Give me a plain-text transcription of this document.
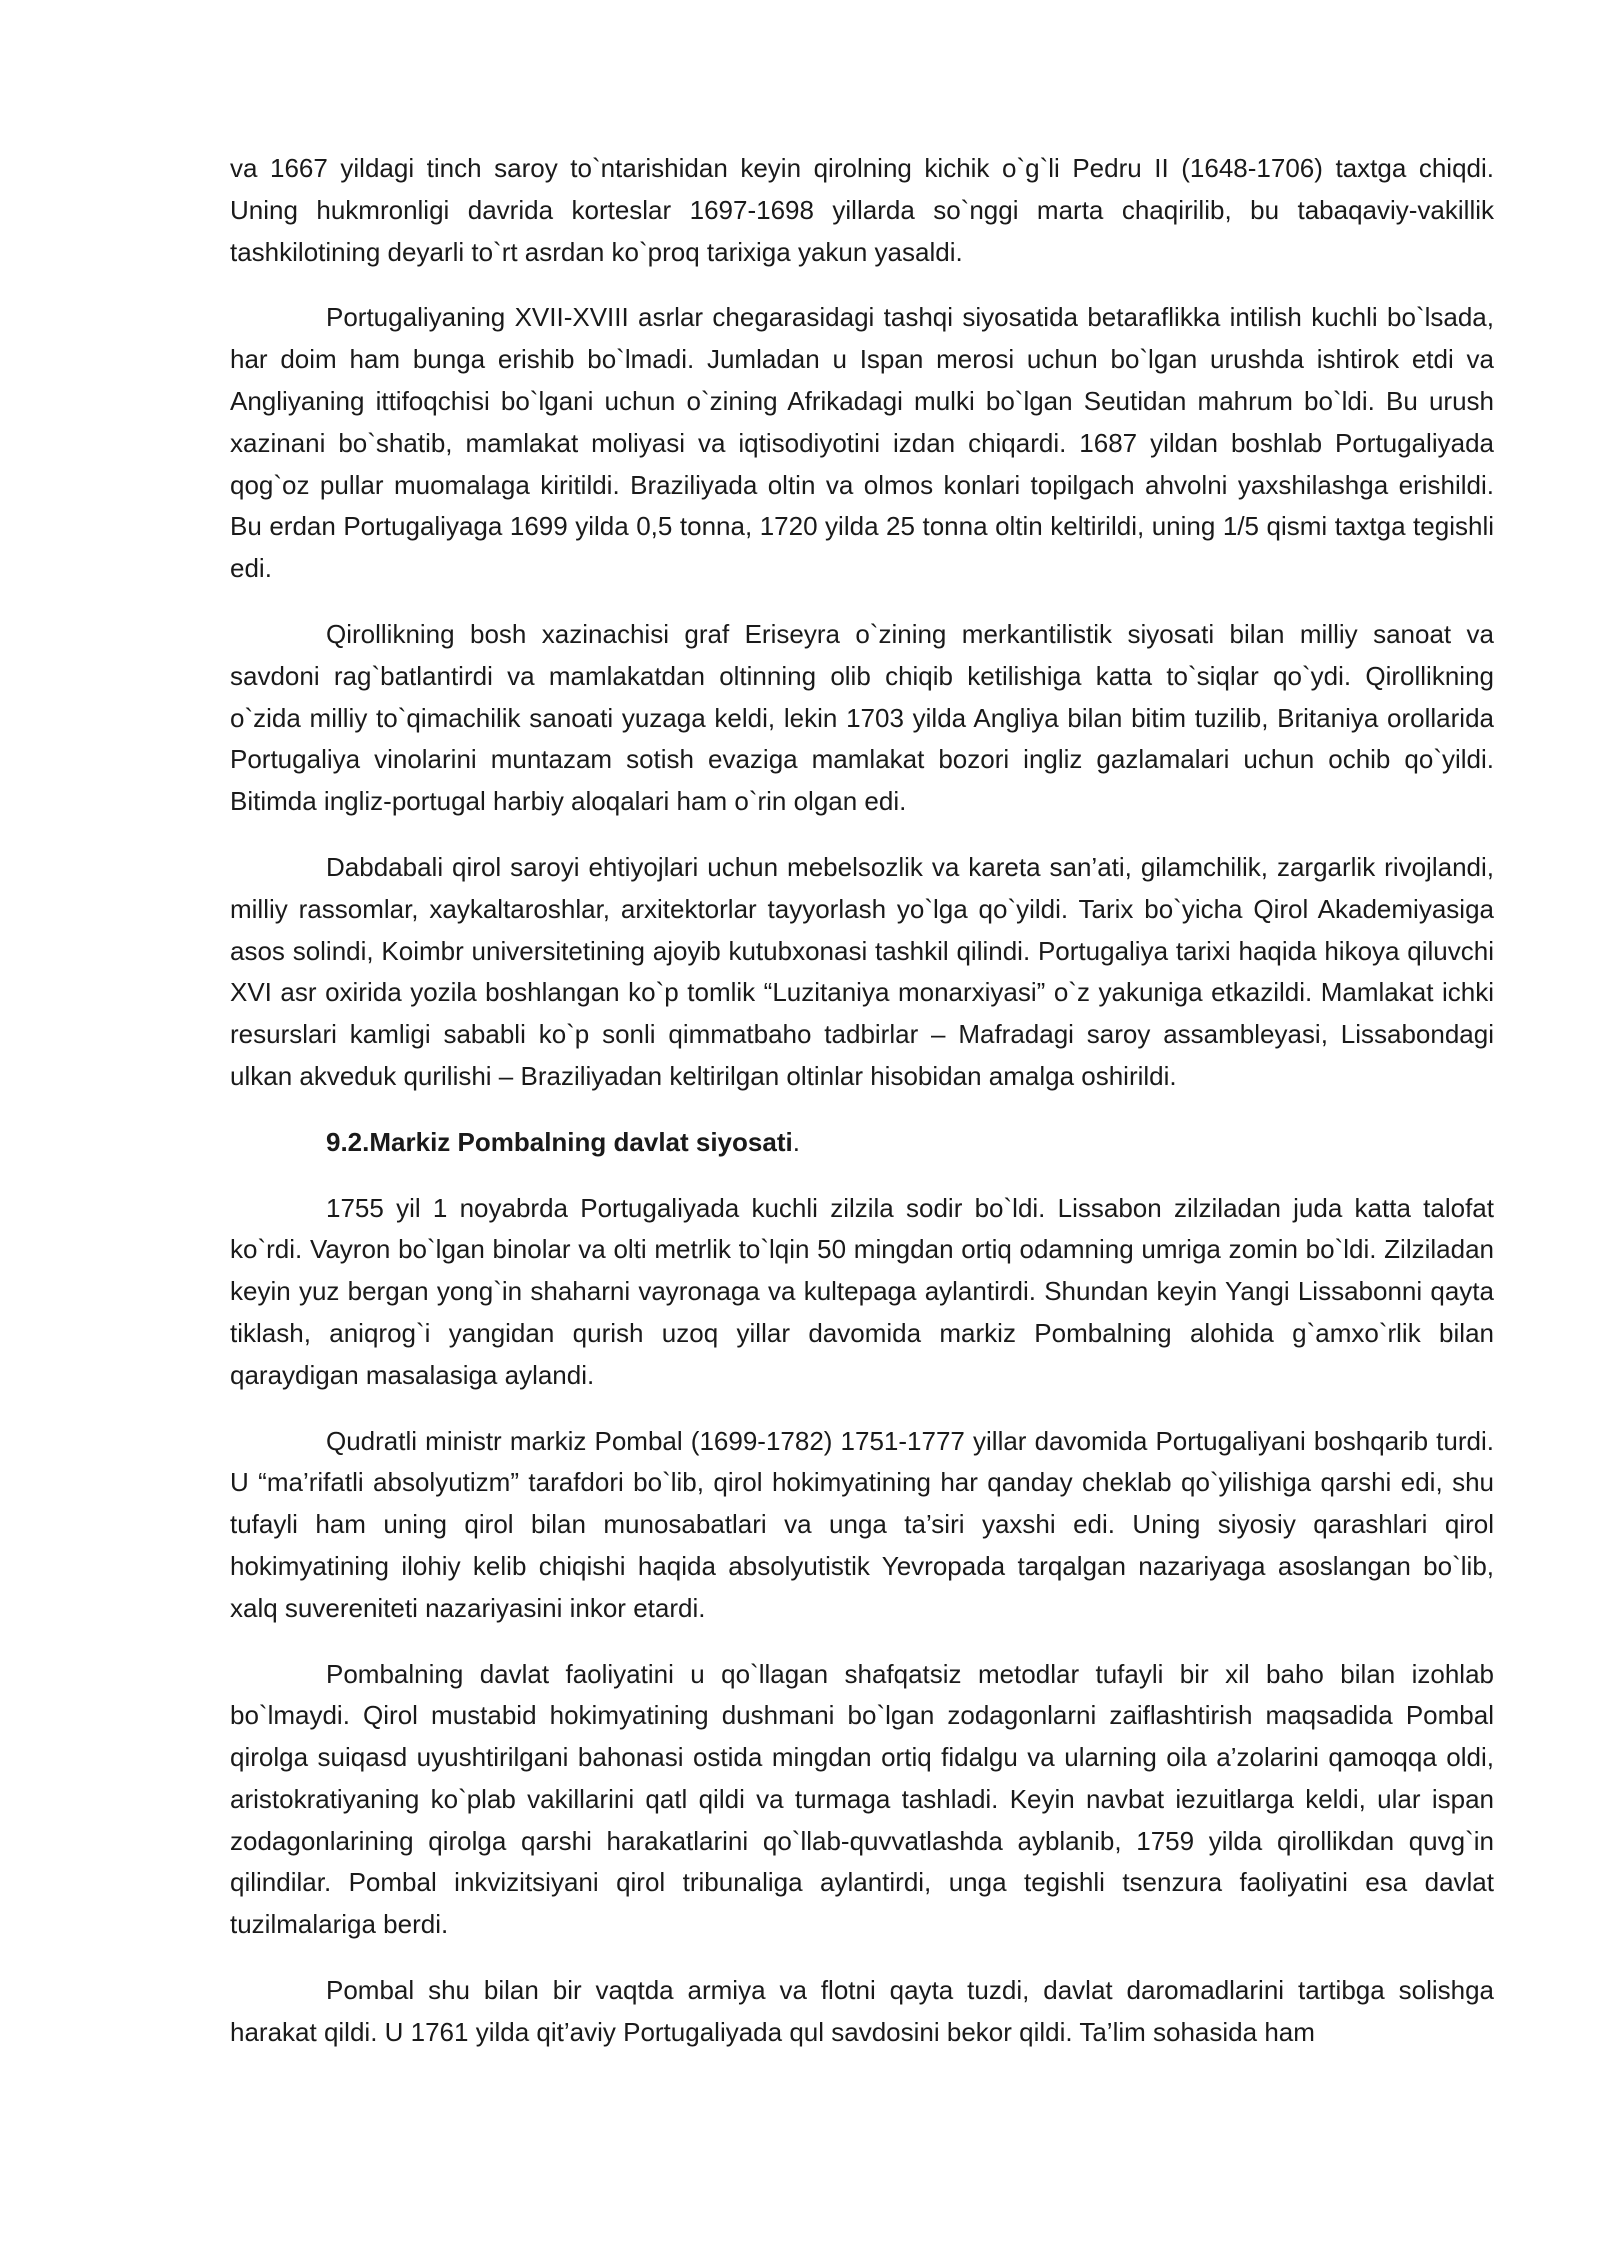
va 1667 yildagi tinch saroy to`ntarishidan keyin qirolning kichik o`g`li Pedru II (1648-1706) taxtga chiqdi. Uning hukmronligi davrida korteslar 1697-1698 yillarda so`nggi marta chaqirilib, bu tabaqaviy-vakillik tashkilotining deyarli to`rt asrdan ko`proq tarixiga yakun yasaldi.

Portugaliyaning XVII-XVIII asrlar chegarasidagi tashqi siyosatida betaraflikka intilish kuchli bo`lsada, har doim ham bunga erishib bo`lmadi. Jumladan u Ispan merosi uchun bo`lgan urushda ishtirok etdi va Angliyaning ittifoqchisi bo`lgani uchun o`zining Afrikadagi mulki bo`lgan Seutidan mahrum bo`ldi. Bu urush xazinani bo`shatib, mamlakat moliyasi va iqtisodiyotini izdan chiqardi. 1687 yildan boshlab Portugaliyada qog`oz pullar muomalaga kiritildi. Braziliyada oltin va olmos konlari topilgach ahvolni yaxshilashga erishildi. Bu erdan Portugaliyaga 1699 yilda 0,5 tonna, 1720 yilda 25 tonna oltin keltirildi, uning 1/5 qismi taxtga tegishli edi.

Qirollikning bosh xazinachisi graf Eriseyra o`zining merkantilistik siyosati bilan milliy sanoat va savdoni rag`batlantirdi va mamlakatdan oltinning olib chiqib ketilishiga katta to`siqlar qo`ydi. Qirollikning o`zida milliy to`qimachilik sanoati yuzaga keldi, lekin 1703 yilda Angliya bilan bitim tuzilib, Britaniya orollarida Portugaliya vinolarini muntazam sotish evaziga mamlakat bozori ingliz gazlamalari uchun ochib qo`yildi. Bitimda ingliz-portugal harbiy aloqalari ham o`rin olgan edi.

Dabdabali qirol saroyi ehtiyojlari uchun mebelsozlik va kareta san’ati, gilamchilik, zargarlik rivojlandi, milliy rassomlar, xaykaltaroshlar, arxitektorlar tayyorlash yo`lga qo`yildi. Tarix bo`yicha Qirol Akademiyasiga asos solindi, Koimbr universitetining ajoyib kutubxonasi tashkil qilindi. Portugaliya tarixi haqida hikoya qiluvchi XVI asr oxirida yozila boshlangan ko`p tomlik “Luzitaniya monarxiyasi” o`z yakuniga etkazildi. Mamlakat ichki resurslari kamligi sababli ko`p sonli qimmatbaho tadbirlar – Mafradagi saroy assambleyasi, Lissabondagi ulkan akveduk qurilishi – Braziliyadan keltirilgan oltinlar hisobidan amalga oshirildi.

9.2.Markiz Pombalning davlat siyosati.

1755 yil 1 noyabrda Portugaliyada kuchli zilzila sodir bo`ldi. Lissabon zilziladan juda katta talofat ko`rdi. Vayron bo`lgan binolar va olti metrlik to`lqin 50 mingdan ortiq odamning umriga zomin bo`ldi. Zilziladan keyin yuz bergan yong`in shaharni vayronaga va kultepaga aylantirdi. Shundan keyin Yangi Lissabonni qayta tiklash, aniqrog`i yangidan qurish uzoq yillar davomida markiz Pombalning alohida g`amxo`rlik bilan qaraydigan masalasiga aylandi.

Qudratli ministr markiz Pombal (1699-1782) 1751-1777 yillar davomida Portugaliyani boshqarib turdi. U “ma’rifatli absolyutizm” tarafdori bo`lib, qirol hokimyatining har qanday cheklab qo`yilishiga qarshi edi, shu tufayli ham uning qirol bilan munosabatlari va unga ta’siri yaxshi edi. Uning siyosiy qarashlari qirol hokimyatining ilohiy kelib chiqishi haqida absolyutistik Yevropada tarqalgan nazariyaga asoslangan bo`lib, xalq suvereniteti nazariyasini inkor etardi.

Pombalning davlat faoliyatini u qo`llagan shafqatsiz metodlar tufayli bir xil baho bilan izohlab bo`lmaydi. Qirol mustabid hokimyatining dushmani bo`lgan zodagonlarni zaiflashtirish maqsadida Pombal qirolga suiqasd uyushtirilgani bahonasi ostida mingdan ortiq fidalgu va ularning oila a’zolarini qamoqqa oldi, aristokratiyaning ko`plab vakillarini qatl qildi va turmaga tashladi. Keyin navbat iezuitlarga keldi, ular ispan zodagonlarining qirolga qarshi harakatlarini qo`llab-quvvatlashda ayblanib, 1759 yilda qirollikdan quvg`in qilindilar. Pombal inkvizitsiyani qirol tribunaliga aylantirdi, unga tegishli tsenzura faoliyatini esa davlat tuzilmalariga berdi.

Pombal shu bilan bir vaqtda armiya va flotni qayta tuzdi, davlat daromadlarini tartibga solishga harakat qildi. U 1761 yilda qit’aviy Portugaliyada qul savdosini bekor qildi. Ta’lim sohasida ham
